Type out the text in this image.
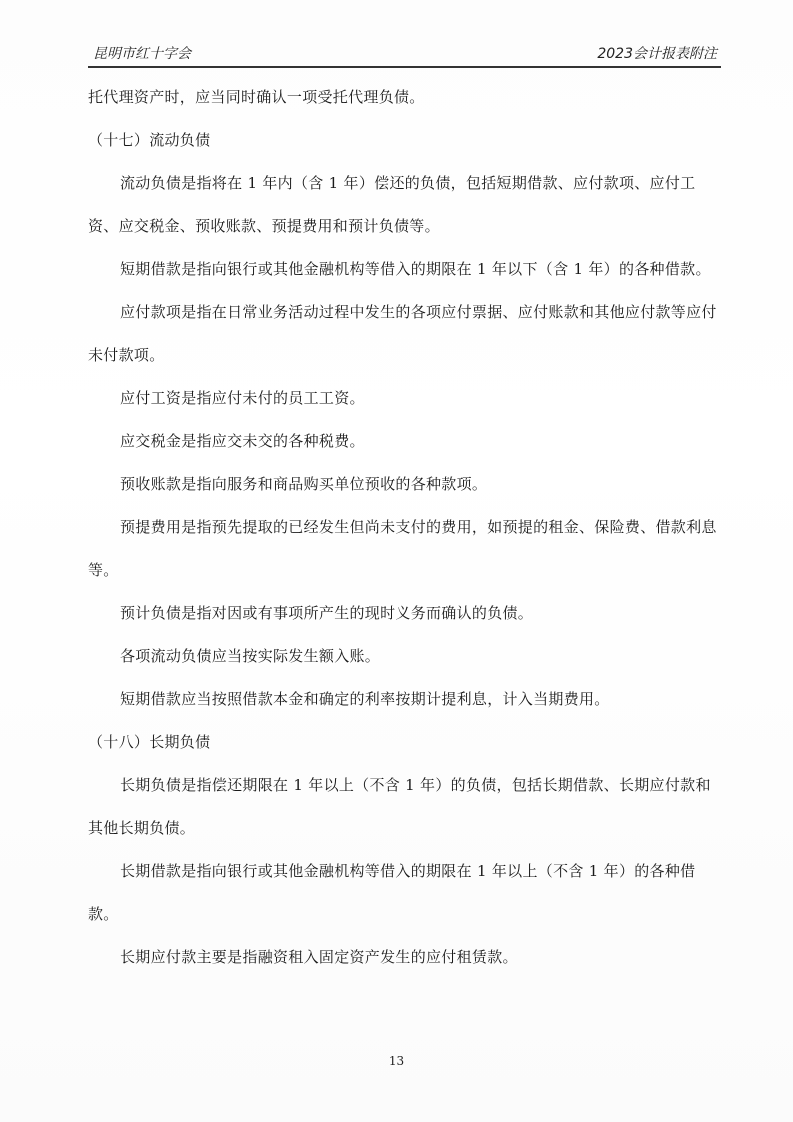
昆明市红十字会	2023会计报表附注

托代理资产时，应当同时确认一项受托代理负债。

（十七）流动负债

流动负债是指将在 1 年内（含 1 年）偿还的负债，包括短期借款、应付款项、应付工资、应交税金、预收账款、预提费用和预计负债等。

短期借款是指向银行或其他金融机构等借入的期限在 1 年以下（含 1 年）的各种借款。

应付款项是指在日常业务活动过程中发生的各项应付票据、应付账款和其他应付款等应付未付款项。

应付工资是指应付未付的员工工资。

应交税金是指应交未交的各种税费。

预收账款是指向服务和商品购买单位预收的各种款项。

预提费用是指预先提取的已经发生但尚未支付的费用，如预提的租金、保险费、借款利息等。

预计负债是指对因或有事项所产生的现时义务而确认的负债。

各项流动负债应当按实际发生额入账。

短期借款应当按照借款本金和确定的利率按期计提利息，计入当期费用。

（十八）长期负债

长期负债是指偿还期限在 1 年以上（不含 1 年）的负债，包括长期借款、长期应付款和其他长期负债。

长期借款是指向银行或其他金融机构等借入的期限在 1 年以上（不含 1 年）的各种借款。

长期应付款主要是指融资租入固定资产发生的应付租赁款。

13
